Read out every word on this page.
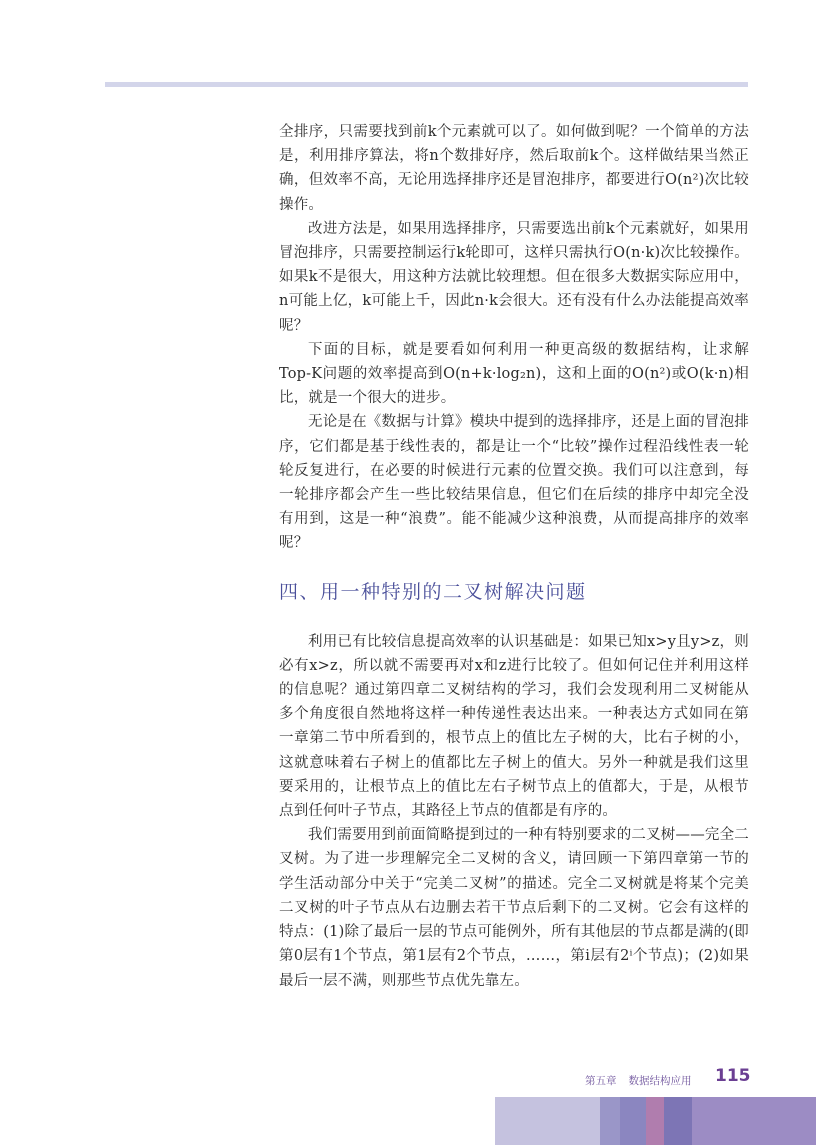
全排序，只需要找到前k个元素就可以了。如何做到呢？一个简单的方法是，利用排序算法，将n个数排好序，然后取前k个。这样做结果当然正确，但效率不高，无论用选择排序还是冒泡排序，都要进行O(n²)次比较操作。

改进方法是，如果用选择排序，只需要选出前k个元素就好，如果用冒泡排序，只需要控制运行k轮即可，这样只需执行O(n·k)次比较操作。如果k不是很大，用这种方法就比较理想。但在很多大数据实际应用中，n可能上亿，k可能上千，因此n·k会很大。还有没有什么办法能提高效率呢？

下面的目标，就是要看如何利用一种更高级的数据结构，让求解Top-K问题的效率提高到O(n+k·log₂n)，这和上面的O(n²)或O(k·n)相比，就是一个很大的进步。

无论是在《数据与计算》模块中提到的选择排序，还是上面的冒泡排序，它们都是基于线性表的，都是让一个“比较”操作过程沿线性表一轮轮反复进行，在必要的时候进行元素的位置交换。我们可以注意到，每一轮排序都会产生一些比较结果信息，但它们在后续的排序中却完全没有用到，这是一种“浪费”。能不能减少这种浪费，从而提高排序的效率呢？

四、用一种特别的二叉树解决问题

利用已有比较信息提高效率的认识基础是：如果已知x>y且y>z，则必有x>z，所以就不需要再对x和z进行比较了。但如何记住并利用这样的信息呢？通过第四章二叉树结构的学习，我们会发现利用二叉树能从多个角度很自然地将这样一种传递性表达出来。一种表达方式如同在第一章第二节中所看到的，根节点上的值比左子树的大，比右子树的小，这就意味着右子树上的值都比左子树上的值大。另外一种就是我们这里要采用的，让根节点上的值比左右子树节点上的值都大，于是，从根节点到任何叶子节点，其路径上节点的值都是有序的。

我们需要用到前面简略提到过的一种有特别要求的二叉树——完全二叉树。为了进一步理解完全二叉树的含义，请回顾一下第四章第一节的学生活动部分中关于“完美二叉树”的描述。完全二叉树就是将某个完美二叉树的叶子节点从右边删去若干节点后剩下的二叉树。它会有这样的特点：(1)除了最后一层的节点可能例外，所有其他层的节点都是满的(即第0层有1个节点，第1层有2个节点，……，第i层有2ⁱ个节点)；(2)如果最后一层不满，则那些节点优先靠左。

第五章 数据结构应用 115
